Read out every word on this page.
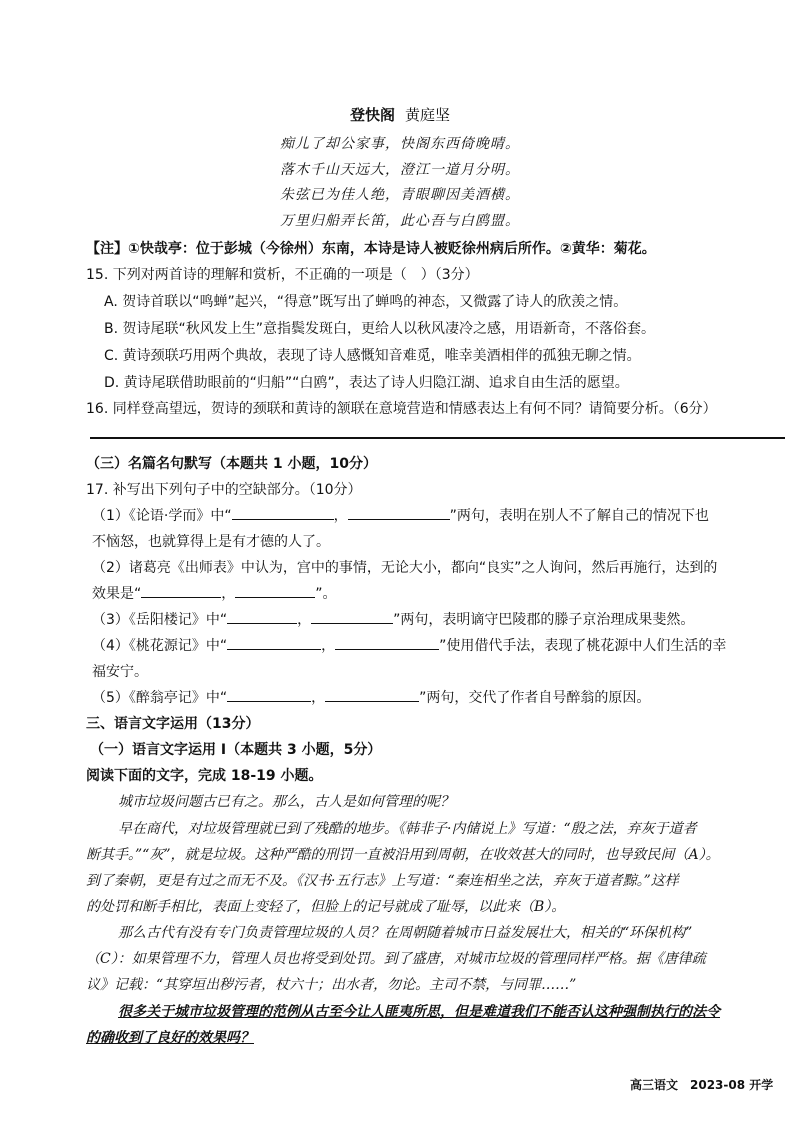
登快阁 黄庭坚
痴儿了却公家事，快阁东西倚晚晴。
落木千山天远大，澄江一道月分明。
朱弦已为佳人绝，青眼聊因美酒横。
万里归船弄长笛，此心吾与白鸥盟。
【注】①快哉亭：位于彭城（今徐州）东南，本诗是诗人被贬徐州病后所作。②黄华：菊花。
15. 下列对两首诗的理解和赏析，不正确的一项是（　）（3分）
A. 贺诗首联以“鸣蝉”起兴，“得意”既写出了蝉鸣的神态，又微露了诗人的欣羡之情。
B. 贺诗尾联“秋风发上生”意指鬓发斑白，更给人以秋风凄冷之感，用语新奇，不落俗套。
C. 黄诗颈联巧用两个典故，表现了诗人感慨知音难觅，唯幸美酒相伴的孤独无聊之情。
D. 黄诗尾联借助眼前的“归船”“白鸥”，表达了诗人归隐江湖、追求自由生活的愿望。
16. 同样登高望远，贺诗的颈联和黄诗的颔联在意境营造和情感表达上有何不同？请简要分析。（6分）
（三）名篇名句默写（本题共 1 小题，10分）
17. 补写出下列句子中的空缺部分。（10分）
（1）《论语·学而》中“	，	”两句，表明在别人不了解自己的情况下也
不恼怒，也就算得上是有才德的人了。
（2）诸葛亮《出师表》中认为，宫中的事情，无论大小，都向“良实”之人询问，然后再施行，达到的
效果是“	，	”。
（3）《岳阳楼记》中“	，	”两句，表明谪守巴陵郡的滕子京治理成果斐然。
（4）《桃花源记》中“	，	”使用借代手法，表现了桃花源中人们生活的幸
福安宁。
（5）《醉翁亭记》中“	，	”两句，交代了作者自号醉翁的原因。
三、语言文字运用（13分）
（一）语言文字运用 Ⅰ（本题共 3 小题，5分）
阅读下面的文字，完成 18-19 小题。
城市垃圾问题古已有之。那么，古人是如何管理的呢？
早在商代，对垃圾管理就已到了残酷的地步。《韩非子·内储说上》写道：“殷之法，弃灰于道者
断其手。”“灰”，就是垃圾。这种严酷的刑罚一直被沿用到周朝，在收效甚大的同时，也导致民间（A）。
到了秦朝，更是有过之而无不及。《汉书·五行志》上写道：“秦连相坐之法，弃灰于道者黥。”这样
的处罚和断手相比，表面上变轻了，但脸上的记号就成了耻辱，以此来（B）。
那么古代有没有专门负责管理垃圾的人员？在周朝随着城市日益发展壮大，相关的“环保机构”
（C）：如果管理不力，管理人员也将受到处罚。到了盛唐，对城市垃圾的管理同样严格。据《唐律疏
议》记载：“其穿垣出秽污者，杖六十；出水者，勿论。主司不禁，与同罪……”
很多关于城市垃圾管理的范例从古至今让人匪夷所思，但是难道我们不能否认这种强制执行的法令
的确收到了良好的效果吗？
高三语文　2023-08 开学
